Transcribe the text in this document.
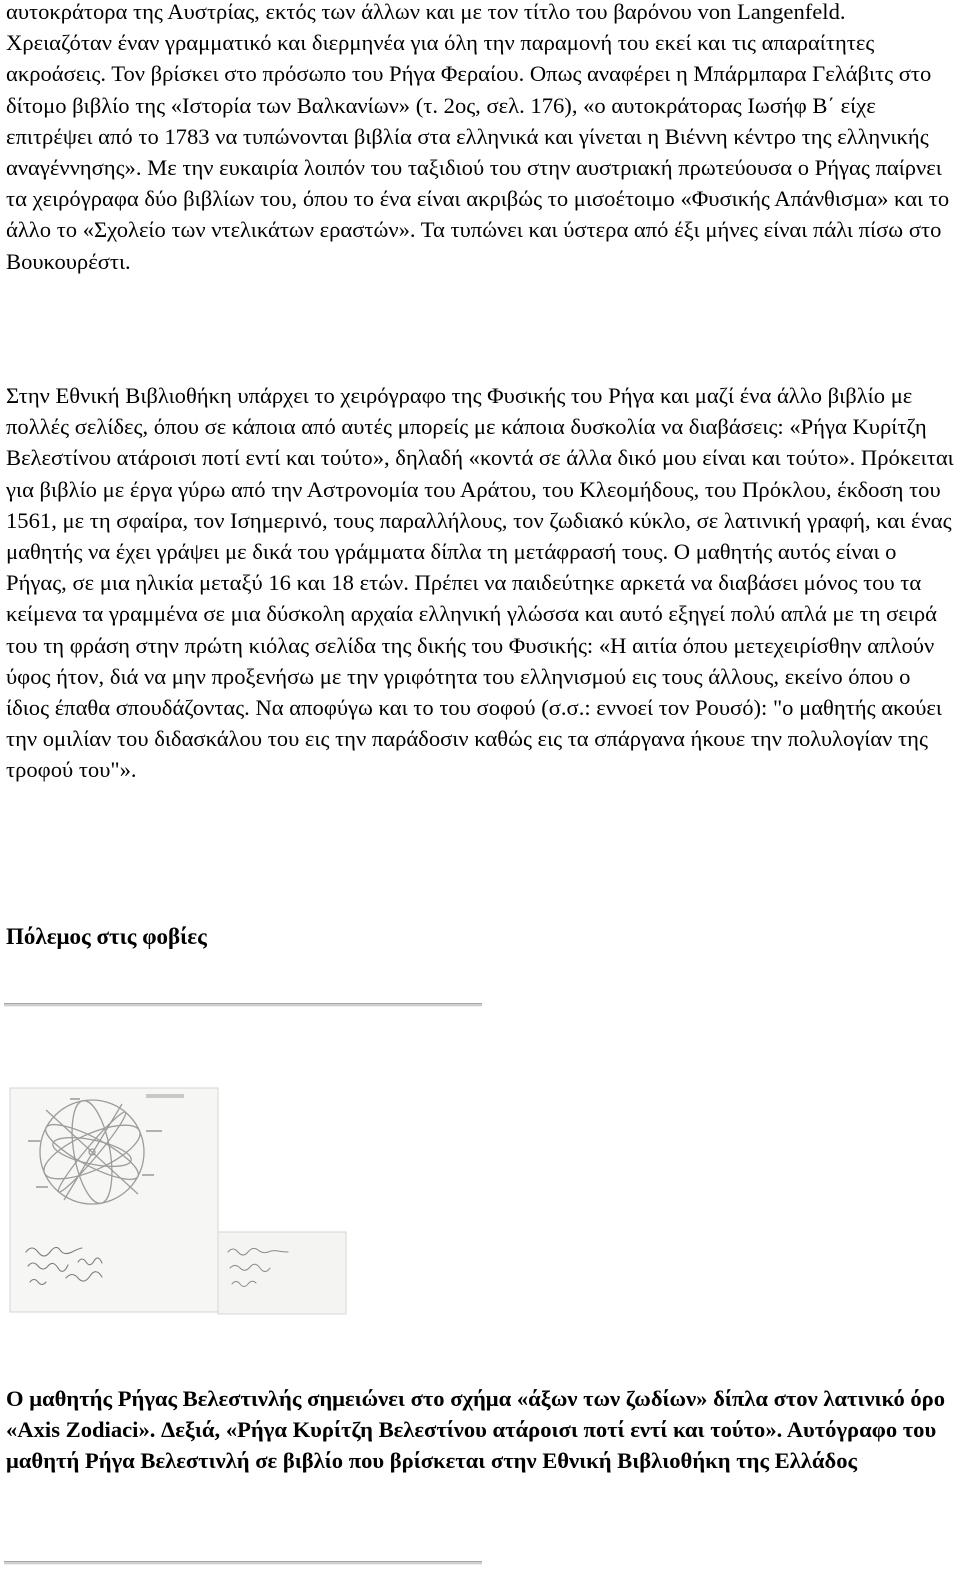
αυτοκράτορα της Αυστρίας, εκτός των άλλων και με τον τίτλο του βαρόνου von Langenfeld. Χρειαζόταν έναν γραμματικό και διερμηνέα για όλη την παραμονή του εκεί και τις απαραίτητες ακροάσεις. Τον βρίσκει στο πρόσωπο του Ρήγα Φεραίου. Οπως αναφέρει η Μπάρμπαρα Γελάβιτς στο δίτομο βιβλίο της «Ιστορία των Βαλκανίων» (τ. 2ος, σελ. 176), «ο αυτοκράτορας Ιωσήφ Β΄ είχε επιτρέψει από το 1783 να τυπώνονται βιβλία στα ελληνικά και γίνεται η Βιέννη κέντρο της ελληνικής αναγέννησης». Με την ευκαιρία λοιπόν του ταξιδιού του στην αυστριακή πρωτεύουσα ο Ρήγας παίρνει τα χειρόγραφα δύο βιβλίων του, όπου το ένα είναι ακριβώς το μισοέτοιμο «Φυσικής Απάνθισμα» και το άλλο το «Σχολείο των ντελικάτων εραστών». Τα τυπώνει και ύστερα από έξι μήνες είναι πάλι πίσω στο Βουκουρέστι.

Στην Εθνική Βιβλιοθήκη υπάρχει το χειρόγραφο της Φυσικής του Ρήγα και μαζί ένα άλλο βιβλίο με πολλές σελίδες, όπου σε κάποια από αυτές μπορείς με κάποια δυσκολία να διαβάσεις: «Ρήγα Κυρίτζη Βελεστίνου ατάροισι ποτί εντί και τούτο», δηλαδή «κοντά σε άλλα δικό μου είναι και τούτο». Πρόκειται για βιβλίο με έργα γύρω από την Αστρονομία του Αράτου, του Κλεομήδους, του Πρόκλου, έκδοση του 1561, με τη σφαίρα, τον Ισημερινό, τους παραλλήλους, τον ζωδιακό κύκλο, σε λατινική γραφή, και ένας μαθητής να έχει γράψει με δικά του γράμματα δίπλα τη μετάφρασή τους. Ο μαθητής αυτός είναι ο Ρήγας, σε μια ηλικία μεταξύ 16 και 18 ετών. Πρέπει να παιδεύτηκε αρκετά να διαβάσει μόνος του τα κείμενα τα γραμμένα σε μια δύσκολη αρχαία ελληνική γλώσσα και αυτό εξηγεί πολύ απλά με τη σειρά του τη φράση στην πρώτη κιόλας σελίδα της δικής του Φυσικής: «Η αιτία όπου μετεχειρίσθην απλούν ύφος ήτον, διά να μην προξενήσω με την γριφότητα του ελληνισμού εις τους άλλους, εκείνο όπου ο ίδιος έπαθα σπουδάζοντας. Να αποφύγω και το του σοφού (σ.σ.: εννοεί τον Ρουσό): "ο μαθητής ακούει την ομιλίαν του διδασκάλου του εις την παράδοσιν καθώς εις τα σπάργανα ήκουε την πολυλογίαν της τροφού του"».

Πόλεμος στις φοβίες

Ο μαθητής Ρήγας Βελεστινλής σημειώνει στο σχήμα «άξων των ζωδίων» δίπλα στον λατινικό όρο «Axis Zodiaci». Δεξιά, «Ρήγα Κυρίτζη Βελεστίνου ατάροισι ποτί εντί και τούτο». Αυτόγραφο του μαθητή Ρήγα Βελεστινλή σε βιβλίο που βρίσκεται στην Εθνική Βιβλιοθήκη της Ελλάδος
